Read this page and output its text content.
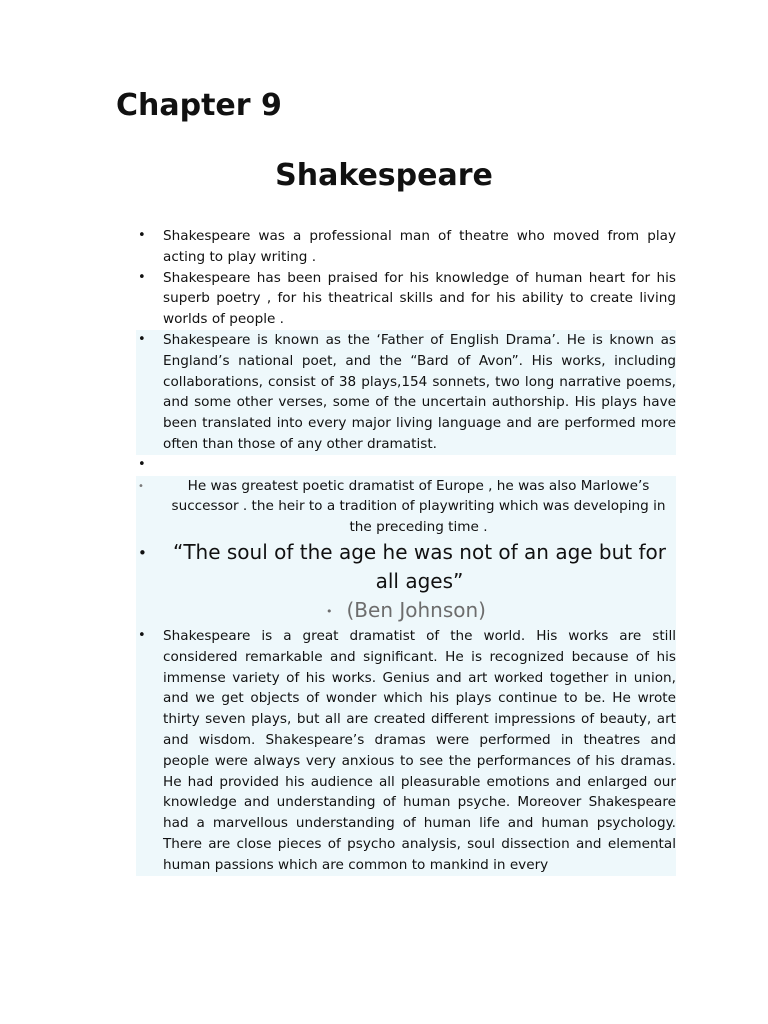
Chapter 9
Shakespeare
• Shakespeare was a professional man of theatre who moved from play acting to play writing .
• Shakespeare has been praised for his knowledge of human heart for his superb poetry , for his theatrical skills and for his ability to create living worlds of people .
• Shakespeare is known as the ‘Father of English Drama’. He is known as England’s national poet, and the “Bard of Avon”. His works, including collaborations, consist of 38 plays,154 sonnets, two long narrative poems, and some other verses, some of the uncertain authorship. His plays have been translated into every major living language and are performed more often than those of any other dramatist.
•
•	He was greatest poetic dramatist of Europe , he was also Marlowe’s successor . the heir to a tradition of playwriting which was developing in the preceding time .
• “The soul of the age he was not of an age but for all ages”
• (Ben Johnson)
• Shakespeare is a great dramatist of the world. His works are still considered remarkable and significant. He is recognized because of his immense variety of his works. Genius and art worked together in union, and we get objects of wonder which his plays continue to be. He wrote thirty seven plays, but all are created different impressions of beauty, art and wisdom. Shakespeare’s dramas were performed in theatres and people were always very anxious to see the performances of his dramas. He had provided his audience all pleasurable emotions and enlarged our knowledge and understanding of human psyche. Moreover Shakespeare had a marvellous understanding of human life and human psychology. There are close pieces of psycho analysis, soul dissection and elemental human passions which are common to mankind in every
